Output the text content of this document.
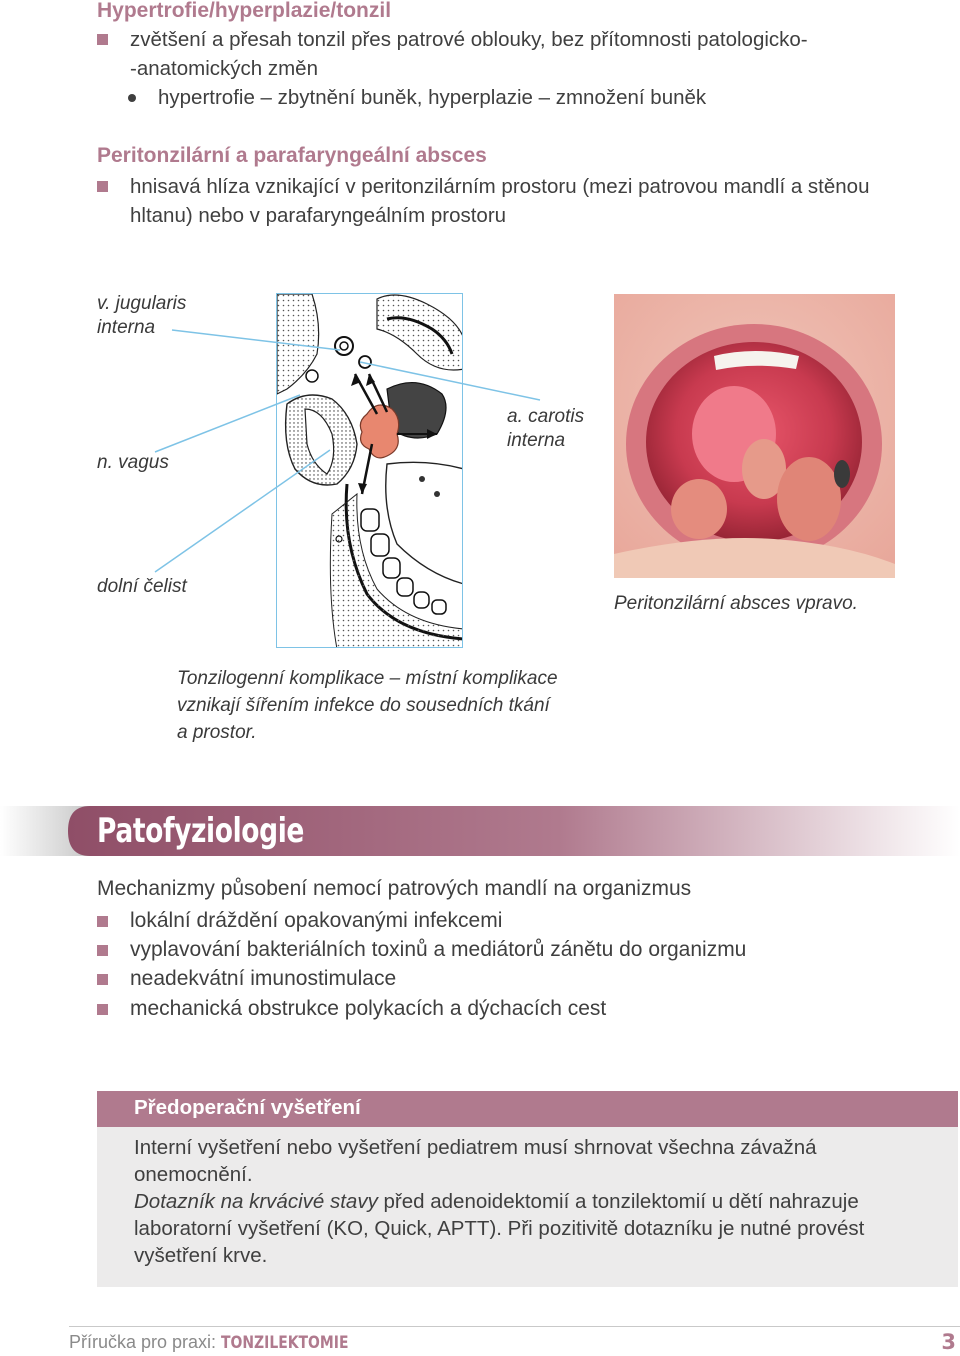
Hypertrofie/hyperplazie/tonzil
zvětšení a přesah tonzil přes patrové oblouky, bez přítomnosti patologicko-
-anatomických změn
hypertrofie – zbytnění buněk, hyperplazie – zmnožení buněk
Peritonzilární a parafaryngeální absces
hnisavá hlíza vznikající v peritonzilárním prostoru (mezi patrovou mandlí a stěnou
hltanu) nebo v parafaryngeálním prostoru
v. jugularis
interna
n. vagus
a. carotis
interna
dolní čelist
Peritonzilární absces vpravo.
Tonzilogenní komplikace – místní komplikace
vznikají šířením infekce do sousedních tkání
a prostor.
Patofyziologie
Mechanizmy působení nemocí patrových mandlí na organizmus
lokální dráždění opakovanými infekcemi
vyplavování bakteriálních toxinů a mediátorů zánětu do organizmu
neadekvátní imunostimulace
mechanická obstrukce polykacích a dýchacích cest
Předoperační vyšetření
Interní vyšetření nebo vyšetření pediatrem musí shrnovat všechna závažná
onemocnění.
Dotazník na krvácivé stavy před adenoidektomií a tonzilektomií u dětí nahrazuje
laboratorní vyšetření (KO, Quick, APTT). Při pozitivitě dotazníku je nutné provést
vyšetření krve.
Příručka pro praxi: TONZILEKTOMIE	3
